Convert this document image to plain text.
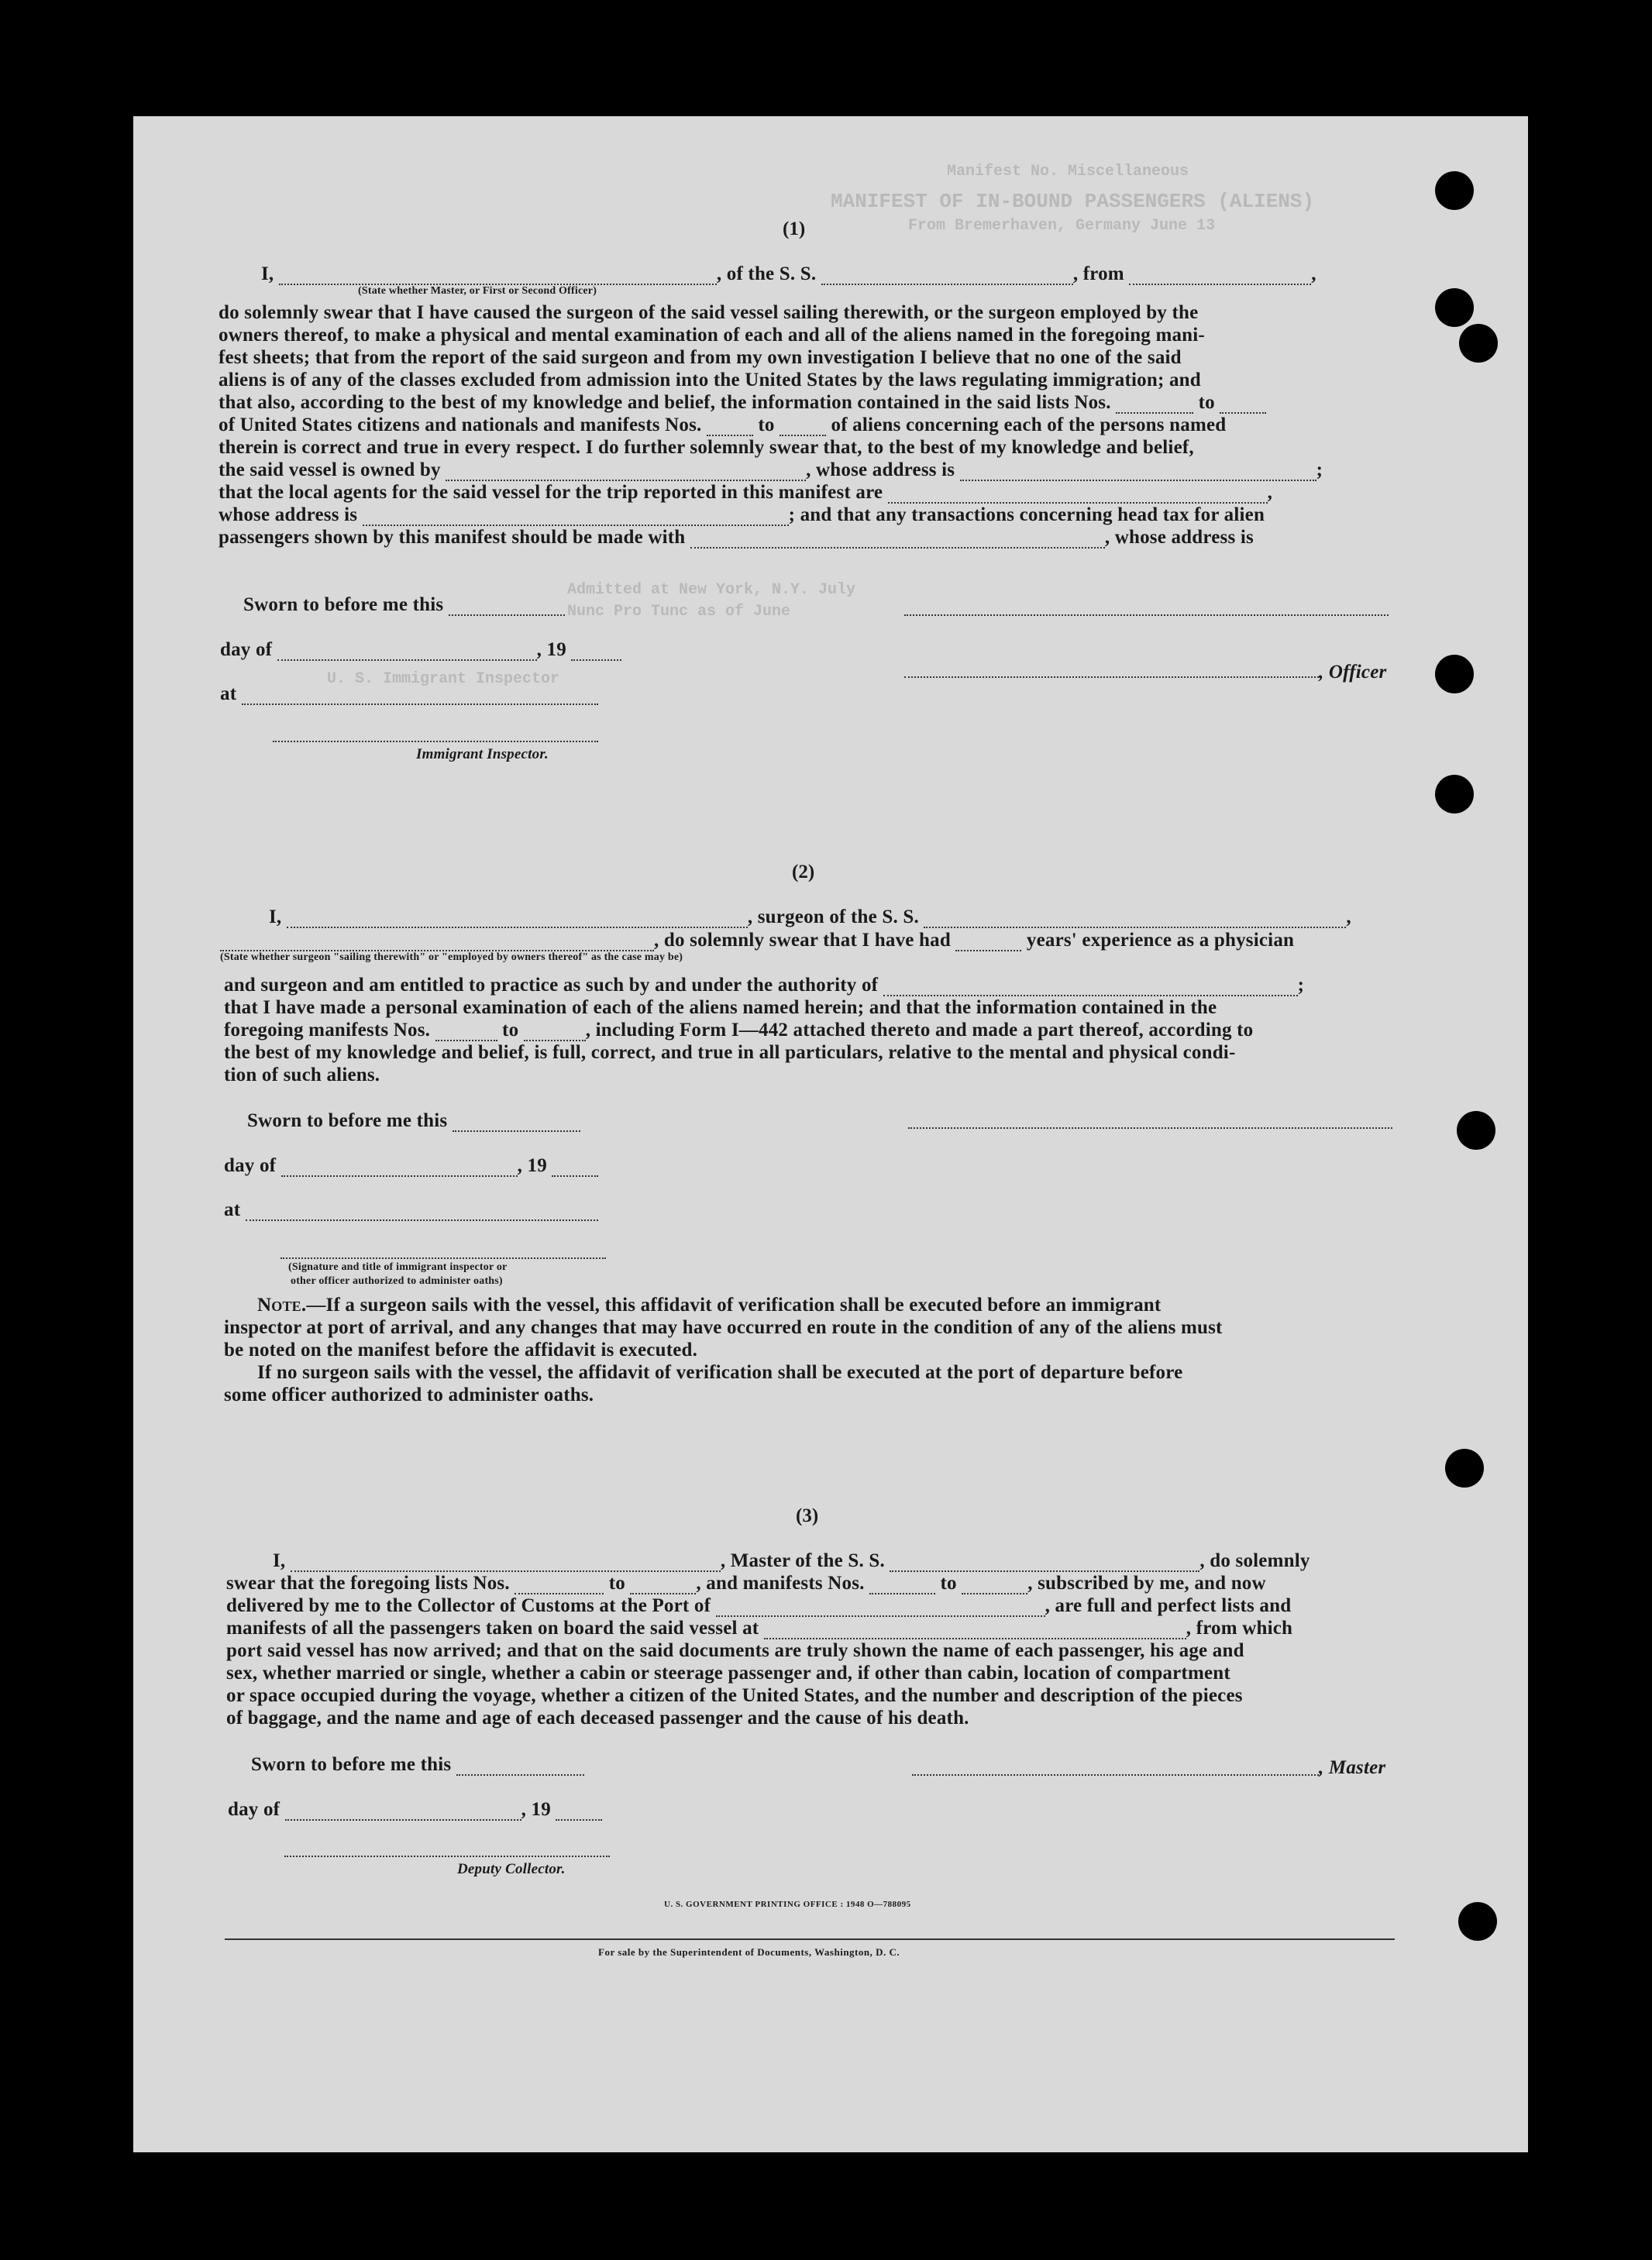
Manifest No. Miscellaneous
MANIFEST OF IN-BOUND PASSENGERS (ALIENS)
From Bremerhaven, Germany June 13
Admitted at New York, N.Y. July
Nunc Pro Tunc as of June
U. S. Immigrant Inspector
(1)
I,	, of the S. S.	, from	,
(State whether Master, or First or Second Officer)
do solemnly swear that I have caused the surgeon of the said vessel sailing therewith, or the surgeon employed by the
owners thereof, to make a physical and mental examination of each and all of the aliens named in the foregoing mani-
fest sheets; that from the report of the said surgeon and from my own investigation I believe that no one of the said
aliens is of any of the classes excluded from admission into the United States by the laws regulating immigration; and
that also, according to the best of my knowledge and belief, the information contained in the said lists Nos.	to
of United States citizens and nationals and manifests Nos.	to	of aliens concerning each of the persons named
therein is correct and true in every respect. I do further solemnly swear that, to the best of my knowledge and belief,
the said vessel is owned by	, whose address is	;
that the local agents for the said vessel for the trip reported in this manifest are	,
whose address is	; and that any transactions concerning head tax for alien
passengers shown by this manifest should be made with	, whose address is
Sworn to before me this
day of	, 19
, Officer
at
Immigrant Inspector.
(2)
I,	, surgeon of the S. S.	,
, do solemnly swear that I have had	years' experience as a physician
(State whether surgeon "sailing therewith" or "employed by owners thereof" as the case may be)
and surgeon and am entitled to practice as such by and under the authority of	;
that I have made a personal examination of each of the aliens named herein; and that the information contained in the
foregoing manifests Nos.	to	, including Form I—442 attached thereto and made a part thereof, according to
the best of my knowledge and belief, is full, correct, and true in all particulars, relative to the mental and physical condi-
tion of such aliens.
Sworn to before me this
day of	, 19
at
(Signature and title of immigrant inspector or
other officer authorized to administer oaths)
Note.—If a surgeon sails with the vessel, this affidavit of verification shall be executed before an immigrant
inspector at port of arrival, and any changes that may have occurred en route in the condition of any of the aliens must
be noted on the manifest before the affidavit is executed.
If no surgeon sails with the vessel, the affidavit of verification shall be executed at the port of departure before
some officer authorized to administer oaths.
(3)
I,	, Master of the S. S.	, do solemnly
swear that the foregoing lists Nos.	to	, and manifests Nos.	to	, subscribed by me, and now
delivered by me to the Collector of Customs at the Port of	, are full and perfect lists and
manifests of all the passengers taken on board the said vessel at	, from which
port said vessel has now arrived; and that on the said documents are truly shown the name of each passenger, his age and
sex, whether married or single, whether a cabin or steerage passenger and, if other than cabin, location of compartment
or space occupied during the voyage, whether a citizen of the United States, and the number and description of the pieces
of baggage, and the name and age of each deceased passenger and the cause of his death.
Sworn to before me this	, Master
day of	, 19
Deputy Collector.
U. S. GOVERNMENT PRINTING OFFICE : 1948 O—788095
For sale by the Superintendent of Documents, Washington, D. C.
